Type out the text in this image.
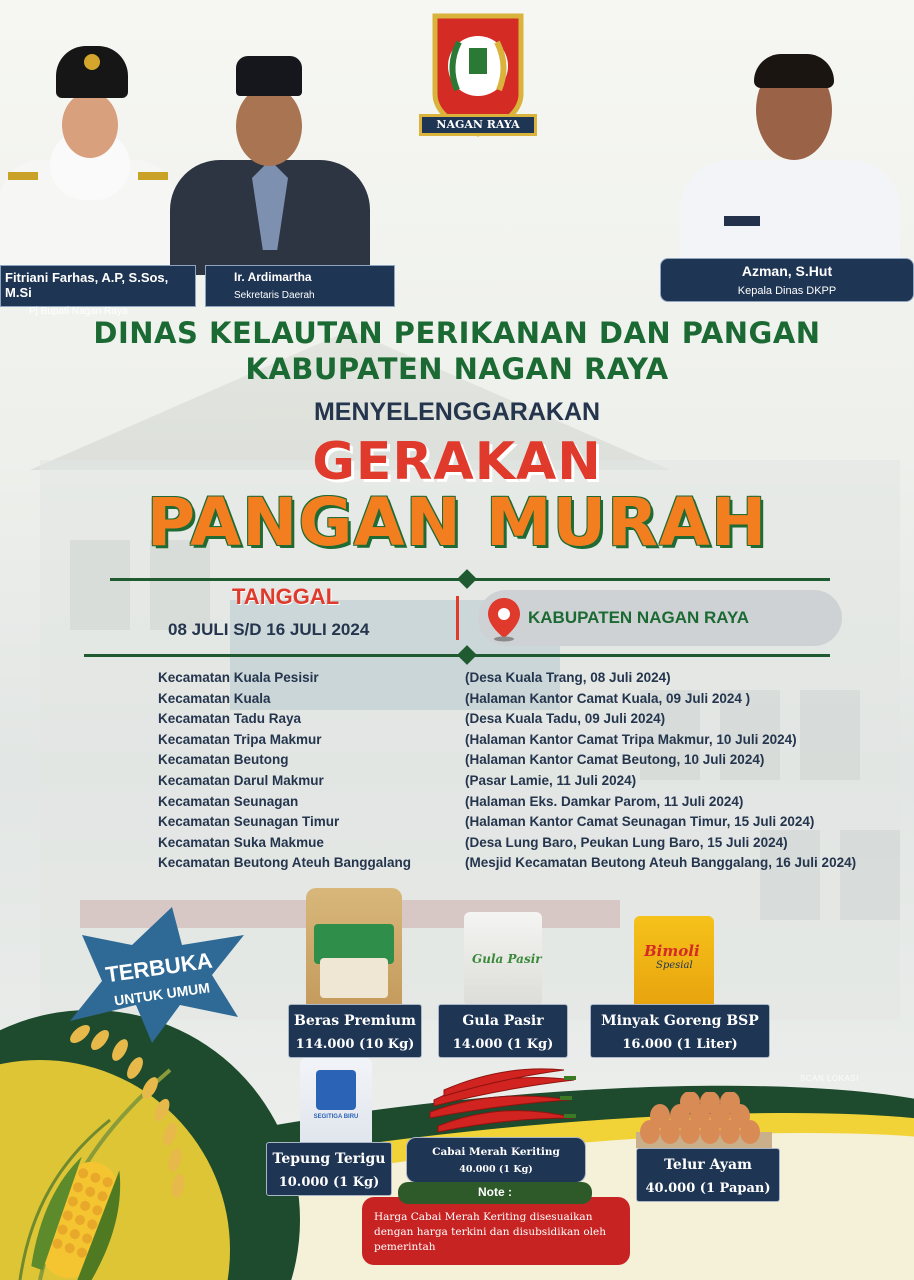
Fitriani Farhas, A.P, S.Sos, M.Si
Pj Bupati Nagan Raya
Ir. Ardimartha
Sekretaris Daerah
Azman, S.Hut
Kepala Dinas DKPP
NAGAN RAYA
DINAS KELAUTAN PERIKANAN DAN PANGAN
KABUPATEN NAGAN RAYA
MENYELENGGARAKAN
GERAKAN
PANGAN MURAH
TANGGAL
08 JULI S/D 16 JULI 2024
KABUPATEN NAGAN RAYA
Kecamatan Kuala Pesisir	(Desa Kuala Trang, 08 Juli 2024)
Kecamatan Kuala	(Halaman Kantor Camat Kuala, 09 Juli 2024 )
Kecamatan Tadu Raya	(Desa Kuala Tadu, 09 Juli 2024)
Kecamatan Tripa Makmur	(Halaman Kantor Camat Tripa Makmur, 10 Juli 2024)
Kecamatan Beutong	(Halaman Kantor Camat Beutong, 10 Juli 2024)
Kecamatan Darul Makmur	(Pasar Lamie, 11 Juli 2024)
Kecamatan Seunagan	(Halaman Eks. Damkar Parom, 11 Juli 2024)
Kecamatan Seunagan Timur	(Halaman Kantor Camat Seunagan Timur, 15 Juli 2024)
Kecamatan Suka Makmue	(Desa Lung Baro, Peukan Lung Baro, 15 Juli 2024)
Kecamatan Beutong Ateuh Banggalang	(Mesjid Kecamatan Beutong Ateuh Banggalang, 16 Juli 2024)
TERBUKA
UNTUK UMUM
Beras Premium
114.000 (10 Kg)
Gula Pasir
Gula Pasir
14.000 (1 Kg)
Bimoli
Spesial
Minyak Goreng BSP
16.000 (1 Liter)
SEGITIGA BIRU
Tepung Terigu
10.000 (1 Kg)
Cabai Merah Keriting
40.000 (1 Kg)	Telur Ayam
40.000 (1 Papan)
Harga Cabai Merah Keriting disesuaikan dengan harga terkini dan disubsidikan oleh pemerintah
Note :
SCAN LOKASI
